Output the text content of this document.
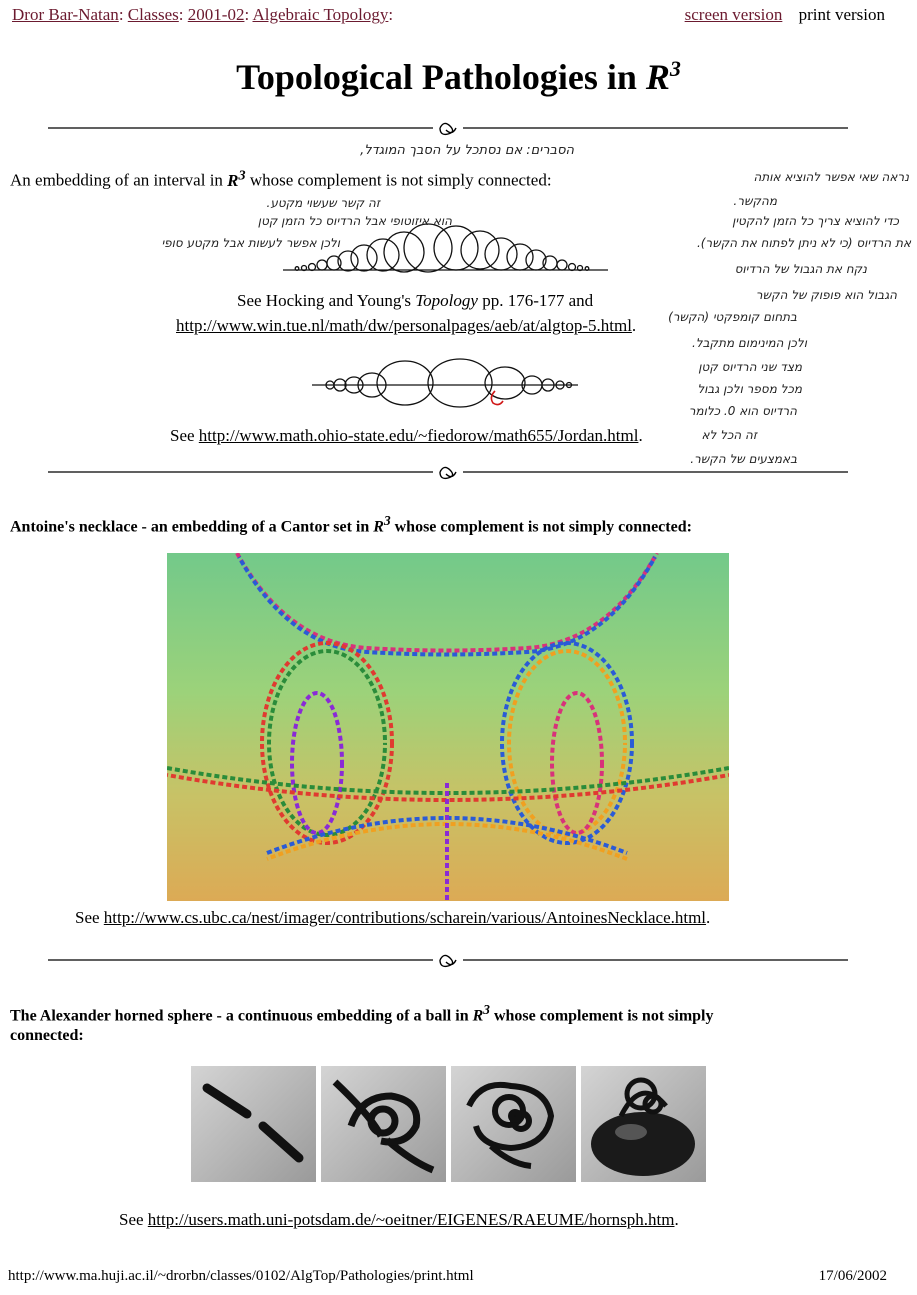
Dror Bar-Natan: Classes: 2001-02: Algebraic Topology:	screen version print version
Topological Pathologies in $R^3$
An embedding of an interval in $R^3$ whose complement is not simply connected:
See Hocking and Young's Topology pp. 176-177 and
http://www.win.tue.nl/math/dw/personalpages/aeb/at/algtop-5.html.
See http://www.math.ohio-state.edu/~fiedorow/math655/Jordan.html.
הסברים: אם נסתכל על הסבך המוגדל,
נראה שאי אפשר להוציא אותה
מהקשר.
כדי להוציא צריך כל הזמן להקטין
את הרדיוס (כי לא ניתן לפתוח את הקשר).
נקח את הגבול של הרדיוס
הגבול הוא פופוק של הקשר
בתחום קומפקטי (הקשר)
ולכן המינימום מתקבל.
מצד שני הרדיוס קטן
מכל מספר ולכן גבול
הרדיוס הוא 0. כלומר
זה הכל לא
באמצעים של הקשר.
זה קשר שעשוי מקטע.
הוא איזוטופי אבל הרדיוס כל הזמן קטן
ולכן אפשר לעשות אבל מקטע סופי
Antoine's necklace - an embedding of a Cantor set in $R^3$ whose complement is not simply connected:
See http://www.cs.ubc.ca/nest/imager/contributions/scharein/various/AntoinesNecklace.html.
The Alexander horned sphere - a continuous embedding of a ball in $R^3$ whose complement is not simply
connected:
See http://users.math.uni-potsdam.de/~oeitner/EIGENES/RAEUME/hornsph.htm.
http://www.ma.huji.ac.il/~drorbn/classes/0102/AlgTop/Pathologies/print.html	17/06/2002
